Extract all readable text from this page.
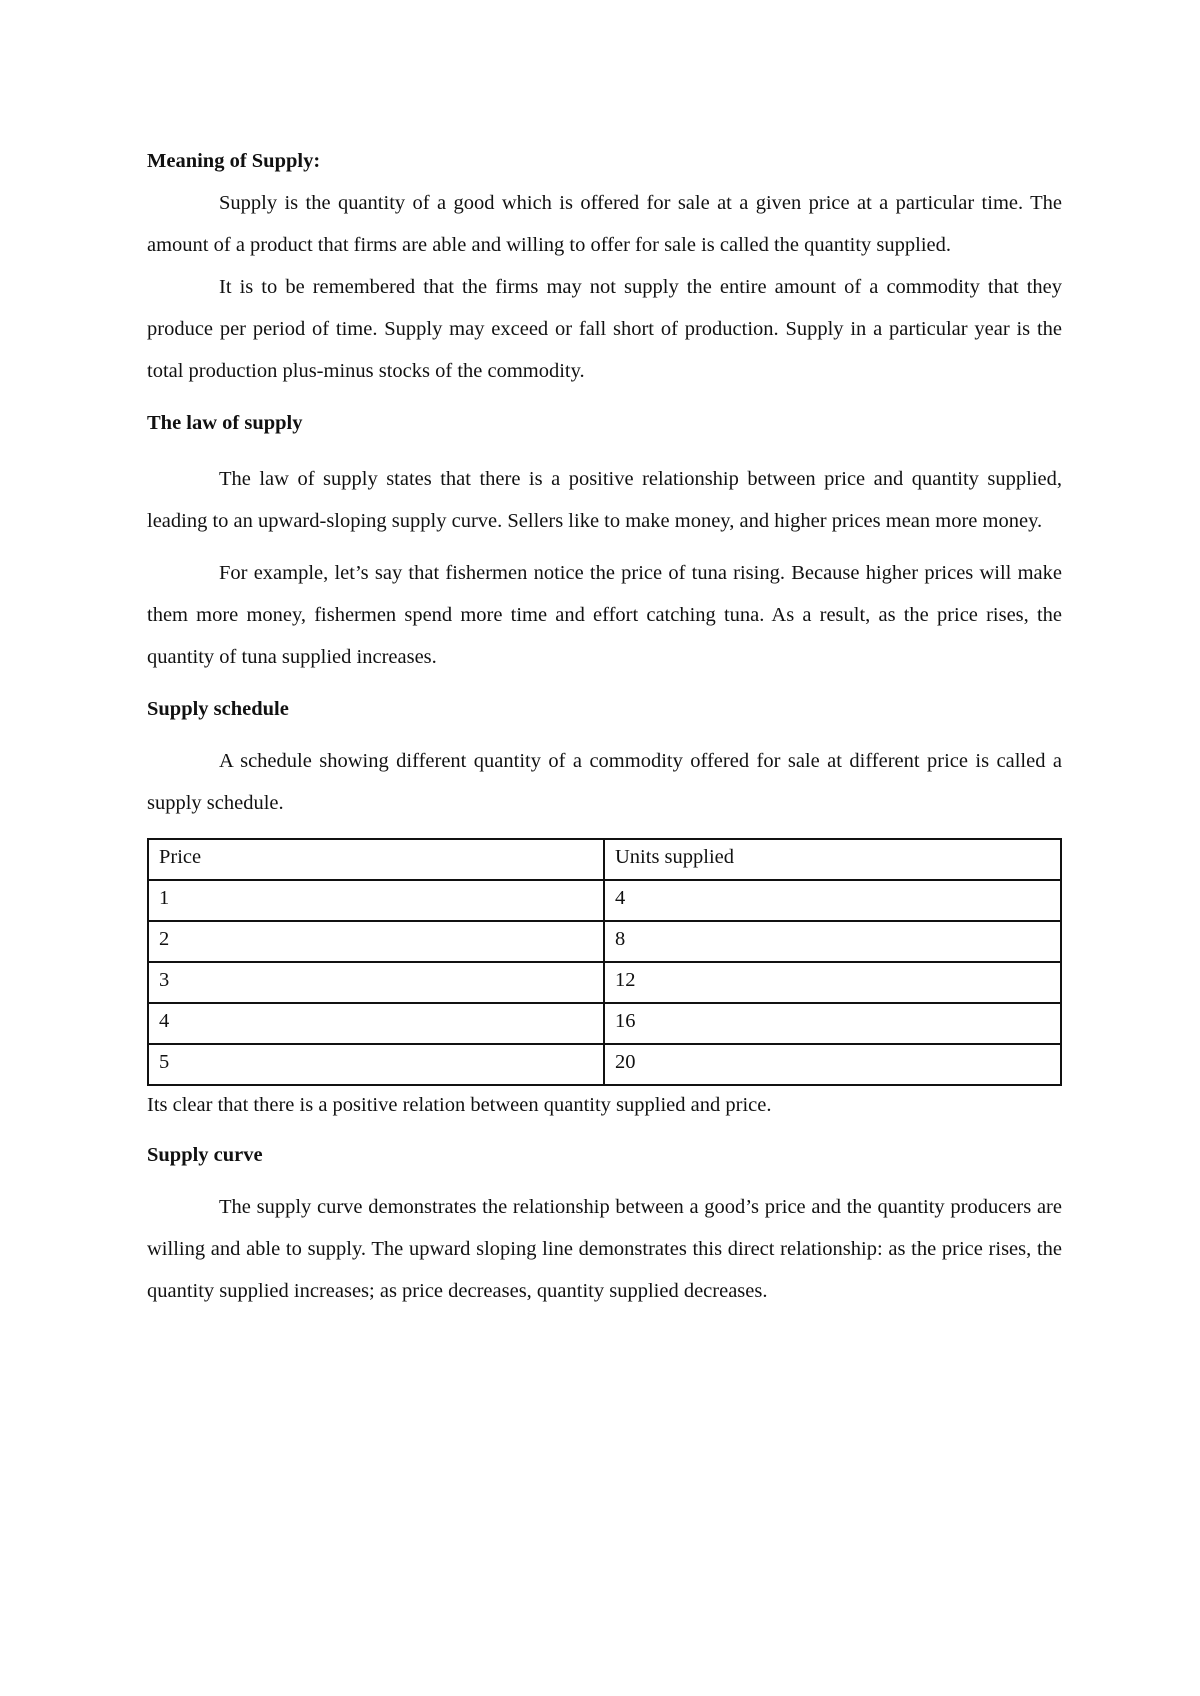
Meaning of Supply:

Supply is the quantity of a good which is offered for sale at a given price at a particular time. The amount of a product that firms are able and willing to offer for sale is called the quantity supplied.

It is to be remembered that the firms may not supply the entire amount of a commodity that they produce per period of time. Supply may exceed or fall short of production. Supply in a particular year is the total production plus-minus stocks of the commodity.

The law of supply

The law of supply states that there is a positive relationship between price and quantity supplied, leading to an upward-sloping supply curve. Sellers like to make money, and higher prices mean more money.

For example, let’s say that fishermen notice the price of tuna rising. Because higher prices will make them more money, fishermen spend more time and effort catching tuna. As a result, as the price rises, the quantity of tuna supplied increases.

Supply schedule

A schedule showing different quantity of a commodity offered for sale at different price is called a supply schedule.

Price	Units supplied
1	4
2	8
3	12
4	16
5	20

Its clear that there is a positive relation between quantity supplied and price.

Supply curve

The supply curve demonstrates the relationship between a good’s price and the quantity producers are willing and able to supply. The upward sloping line demonstrates this direct relationship: as the price rises, the quantity supplied increases; as price decreases, quantity supplied decreases.
